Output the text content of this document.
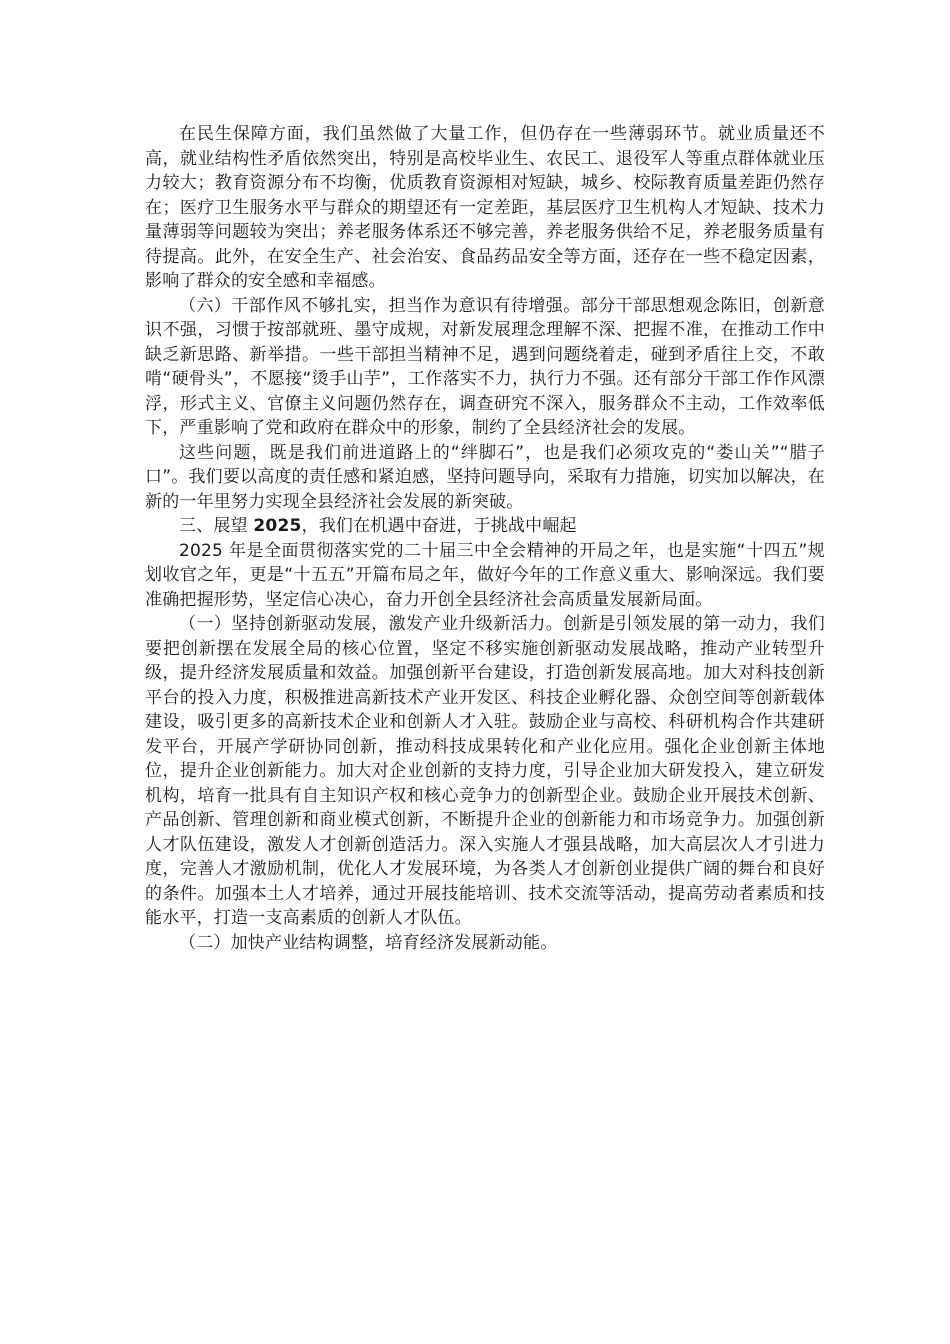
在民生保障方面，我们虽然做了大量工作，但仍存在一些薄弱环节。就业质量还不高，就业结构性矛盾依然突出，特别是高校毕业生、农民工、退役军人等重点群体就业压力较大；教育资源分布不均衡，优质教育资源相对短缺，城乡、校际教育质量差距仍然存在；医疗卫生服务水平与群众的期望还有一定差距，基层医疗卫生机构人才短缺、技术力量薄弱等问题较为突出；养老服务体系还不够完善，养老服务供给不足，养老服务质量有待提高。此外，在安全生产、社会治安、食品药品安全等方面，还存在一些不稳定因素，影响了群众的安全感和幸福感。

（六）干部作风不够扎实，担当作为意识有待增强。部分干部思想观念陈旧，创新意识不强，习惯于按部就班、墨守成规，对新发展理念理解不深、把握不准，在推动工作中缺乏新思路、新举措。一些干部担当精神不足，遇到问题绕着走，碰到矛盾往上交，不敢啃“硬骨头”，不愿接“烫手山芋”，工作落实不力，执行力不强。还有部分干部工作作风漂浮，形式主义、官僚主义问题仍然存在，调查研究不深入，服务群众不主动，工作效率低下，严重影响了党和政府在群众中的形象，制约了全县经济社会的发展。

这些问题，既是我们前进道路上的“绊脚石”，也是我们必须攻克的“娄山关”“腊子口”。我们要以高度的责任感和紧迫感，坚持问题导向，采取有力措施，切实加以解决，在新的一年里努力实现全县经济社会发展的新突破。

三、展望 2025，我们在机遇中奋进，于挑战中崛起

2025 年是全面贯彻落实党的二十届三中全会精神的开局之年，也是实施“十四五”规划收官之年，更是“十五五”开篇布局之年，做好今年的工作意义重大、影响深远。我们要准确把握形势，坚定信心决心，奋力开创全县经济社会高质量发展新局面。

（一）坚持创新驱动发展，激发产业升级新活力。创新是引领发展的第一动力，我们要把创新摆在发展全局的核心位置，坚定不移实施创新驱动发展战略，推动产业转型升级，提升经济发展质量和效益。加强创新平台建设，打造创新发展高地。加大对科技创新平台的投入力度，积极推进高新技术产业开发区、科技企业孵化器、众创空间等创新载体建设，吸引更多的高新技术企业和创新人才入驻。鼓励企业与高校、科研机构合作共建研发平台，开展产学研协同创新，推动科技成果转化和产业化应用。强化企业创新主体地位，提升企业创新能力。加大对企业创新的支持力度，引导企业加大研发投入，建立研发机构，培育一批具有自主知识产权和核心竞争力的创新型企业。鼓励企业开展技术创新、产品创新、管理创新和商业模式创新，不断提升企业的创新能力和市场竞争力。加强创新人才队伍建设，激发人才创新创造活力。深入实施人才强县战略，加大高层次人才引进力度，完善人才激励机制，优化人才发展环境，为各类人才创新创业提供广阔的舞台和良好的条件。加强本土人才培养，通过开展技能培训、技术交流等活动，提高劳动者素质和技能水平，打造一支高素质的创新人才队伍。

（二）加快产业结构调整，培育经济发展新动能。
